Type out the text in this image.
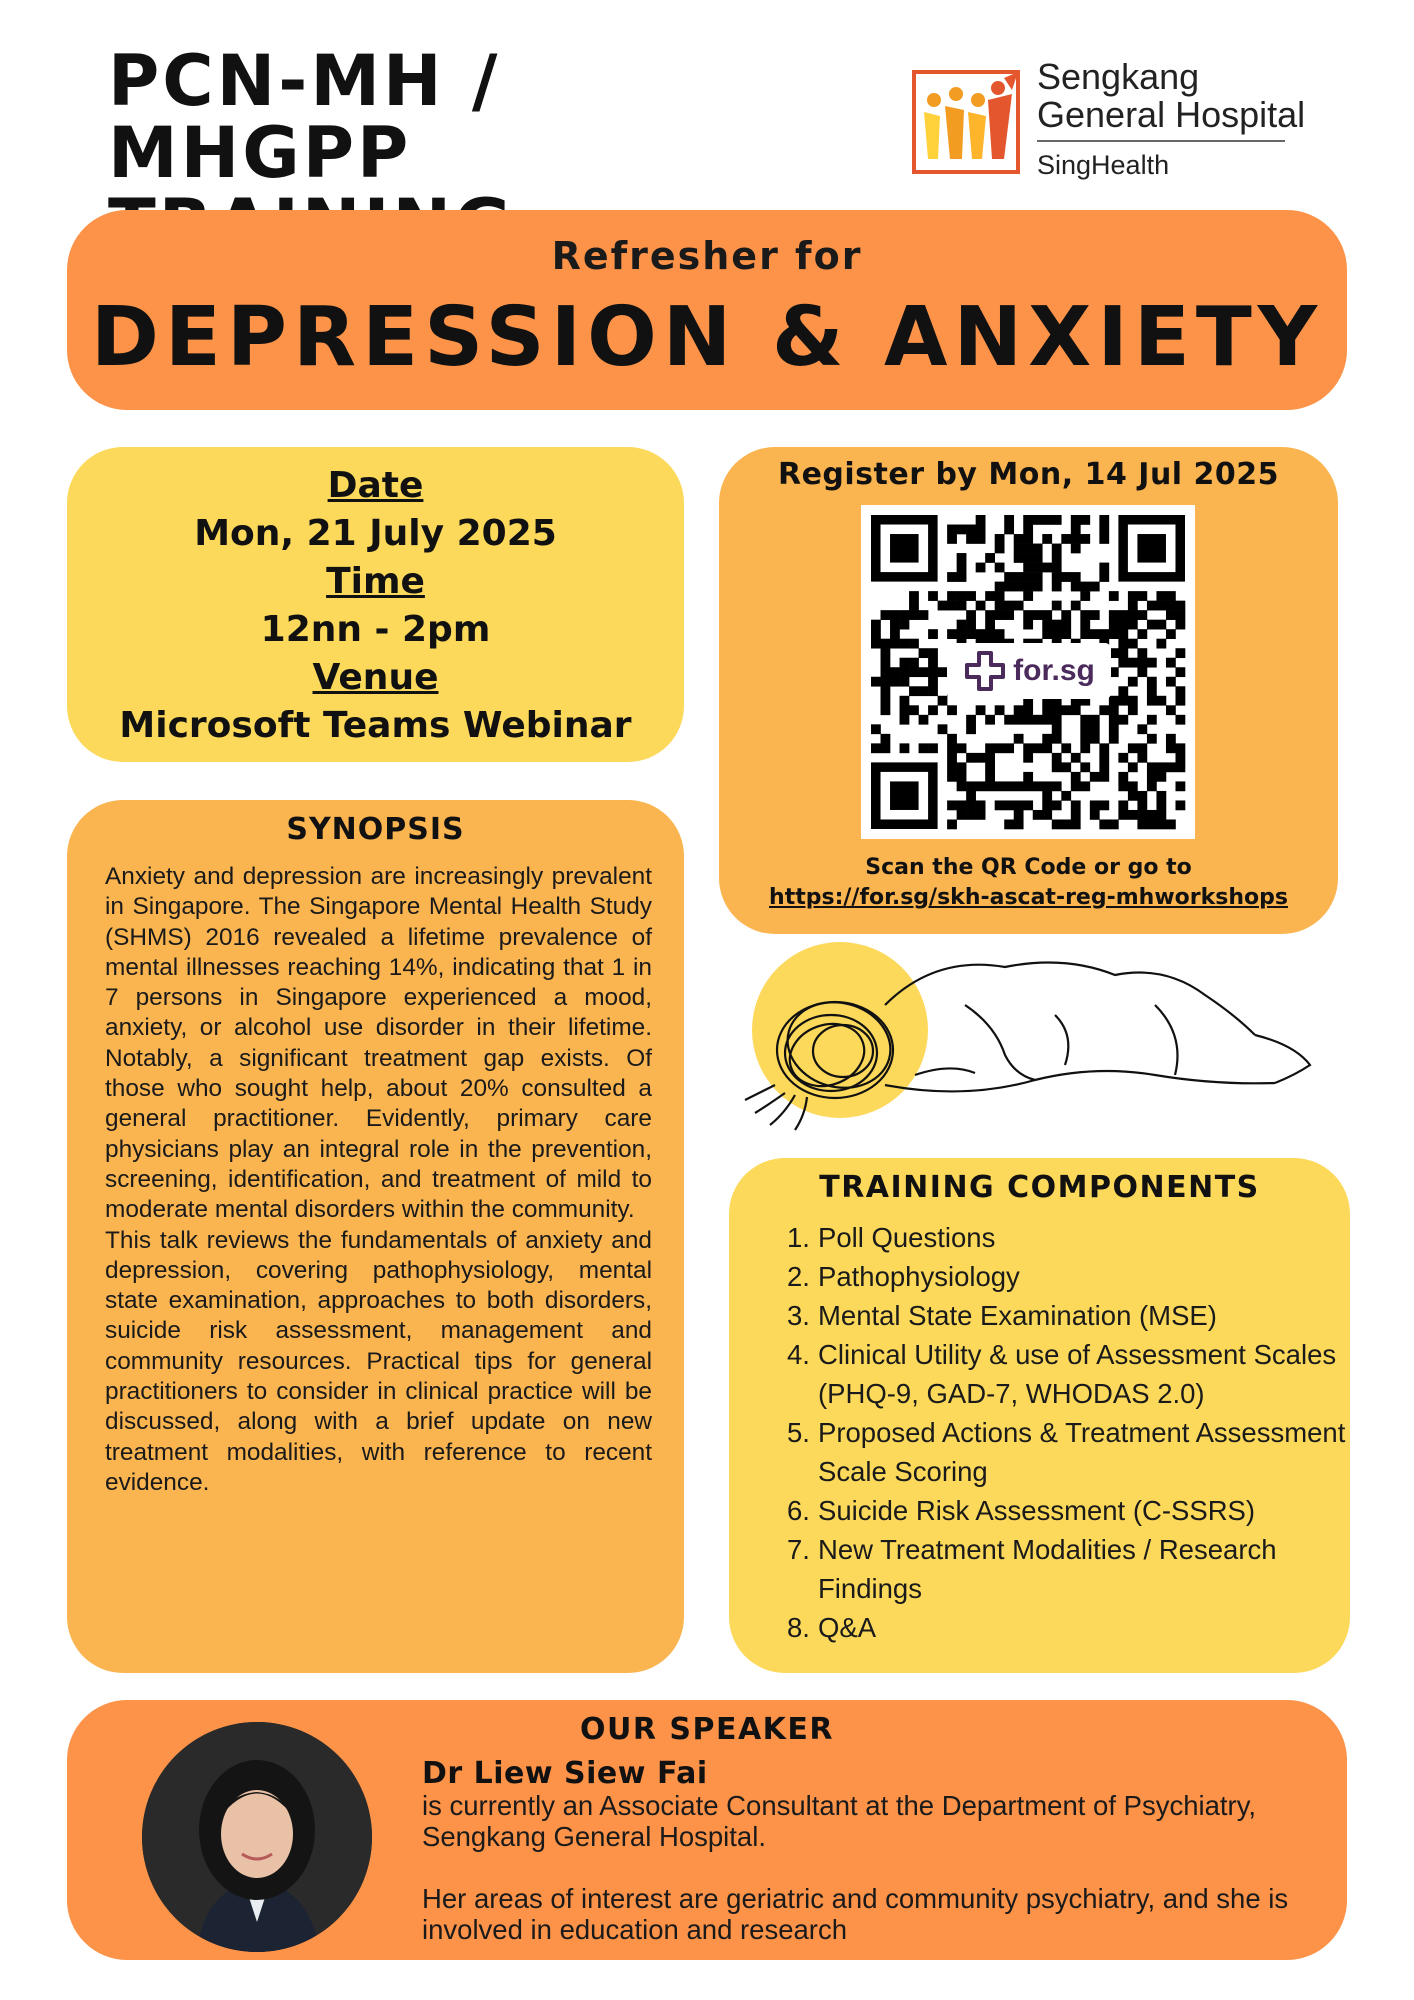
PCN-MH / MHGPP
Sengkang
General Hospital
SingHealth
Refresher for
DEPRESSION & ANXIETY
Date
Mon, 21 July 2025
Time
12nn - 2pm
Venue
Microsoft Teams Webinar
Register by Mon, 14 Jul 2025
for.sg
Scan the QR Code or go to
https://for.sg/skh-ascat-reg-mhworkshops
SYNOPSIS
Anxiety and depression are increasingly prevalent in Singapore. The Singapore Mental Health Study (SHMS) 2016 revealed a lifetime prevalence of mental illnesses reaching 14%, indicating that 1 in 7 persons in Singapore experienced a mood, anxiety, or alcohol use disorder in their lifetime. Notably, a significant treatment gap exists. Of those who sought help, about 20% consulted a general practitioner. Evidently, primary care physicians play an integral role in the prevention, screening, identification, and treatment of mild to moderate mental disorders within the community.
This talk reviews the fundamentals of anxiety and depression, covering pathophysiology, mental state examination, approaches to both disorders, suicide risk assessment, management and community resources. Practical tips for general practitioners to consider in clinical practice will be discussed, along with a brief update on new treatment modalities, with reference to recent evidence.
TRAINING COMPONENTS
1. Poll Questions
2. Pathophysiology
3. Mental State Examination (MSE)
4. Clinical Utility & use of Assessment Scales (PHQ-9, GAD-7, WHODAS 2.0)
5. Proposed Actions & Treatment Assessment Scale Scoring
6. Suicide Risk Assessment (C-SSRS)
7. New Treatment Modalities / Research Findings
8. Q&A
OUR SPEAKER
Dr Liew Siew Fai

is currently an Associate Consultant at the Department of Psychiatry, Sengkang General Hospital.

Her areas of interest are geriatric and community psychiatry, and she is involved in education and research
